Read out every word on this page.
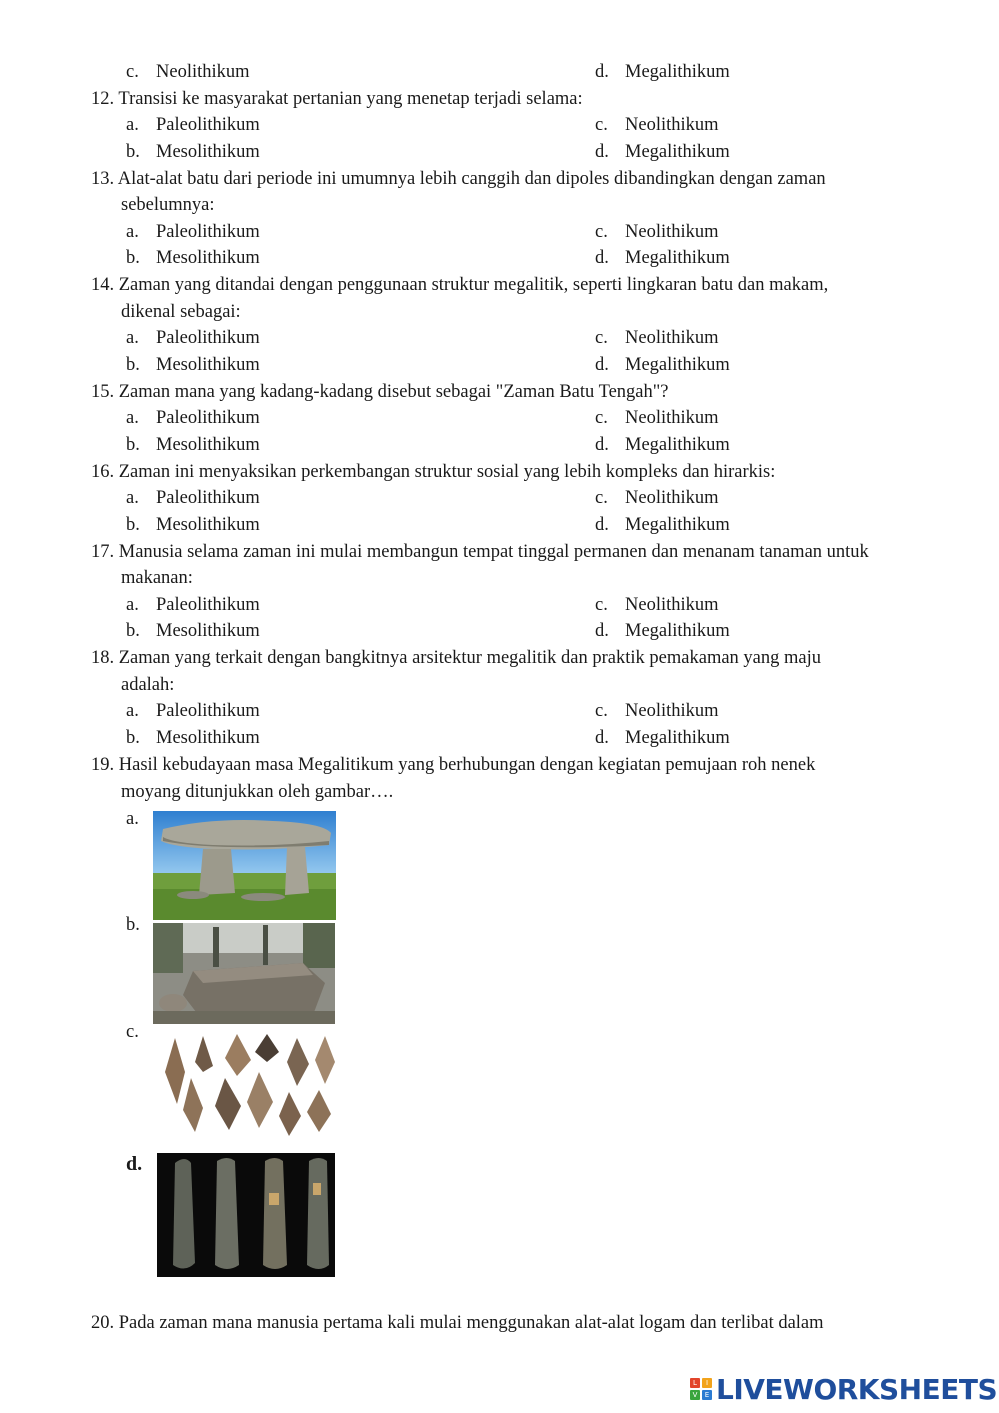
c. Neolithikum	d. Megalithikum
12. Transisi ke masyarakat pertanian yang menetap terjadi selama:
a. Paleolithikum	c. Neolithikum
b. Mesolithikum	d. Megalithikum
13. Alat-alat batu dari periode ini umumnya lebih canggih dan dipoles dibandingkan dengan zaman
sebelumnya:
a. Paleolithikum	c. Neolithikum
b. Mesolithikum	d. Megalithikum
14. Zaman yang ditandai dengan penggunaan struktur megalitik, seperti lingkaran batu dan makam,
dikenal sebagai:
a. Paleolithikum	c. Neolithikum
b. Mesolithikum	d. Megalithikum
15. Zaman mana yang kadang-kadang disebut sebagai "Zaman Batu Tengah"?
a. Paleolithikum	c. Neolithikum
b. Mesolithikum	d. Megalithikum
16. Zaman ini menyaksikan perkembangan struktur sosial yang lebih kompleks dan hirarkis:
a. Paleolithikum	c. Neolithikum
b. Mesolithikum	d. Megalithikum
17. Manusia selama zaman ini mulai membangun tempat tinggal permanen dan menanam tanaman untuk
makanan:
a. Paleolithikum	c. Neolithikum
b. Mesolithikum	d. Megalithikum
18. Zaman yang terkait dengan bangkitnya arsitektur megalitik dan praktik pemakaman yang maju
adalah:
a. Paleolithikum	c. Neolithikum
b. Mesolithikum	d. Megalithikum
19. Hasil kebudayaan masa Megalitikum yang berhubungan dengan kegiatan pemujaan roh nenek
moyang ditunjukkan oleh gambar….
a.
b.
c.
d.
20. Pada zaman mana manusia pertama kali mulai menggunakan alat-alat logam dan terlibat dalam
L	I
V	E LIVEWORKSHEETS
